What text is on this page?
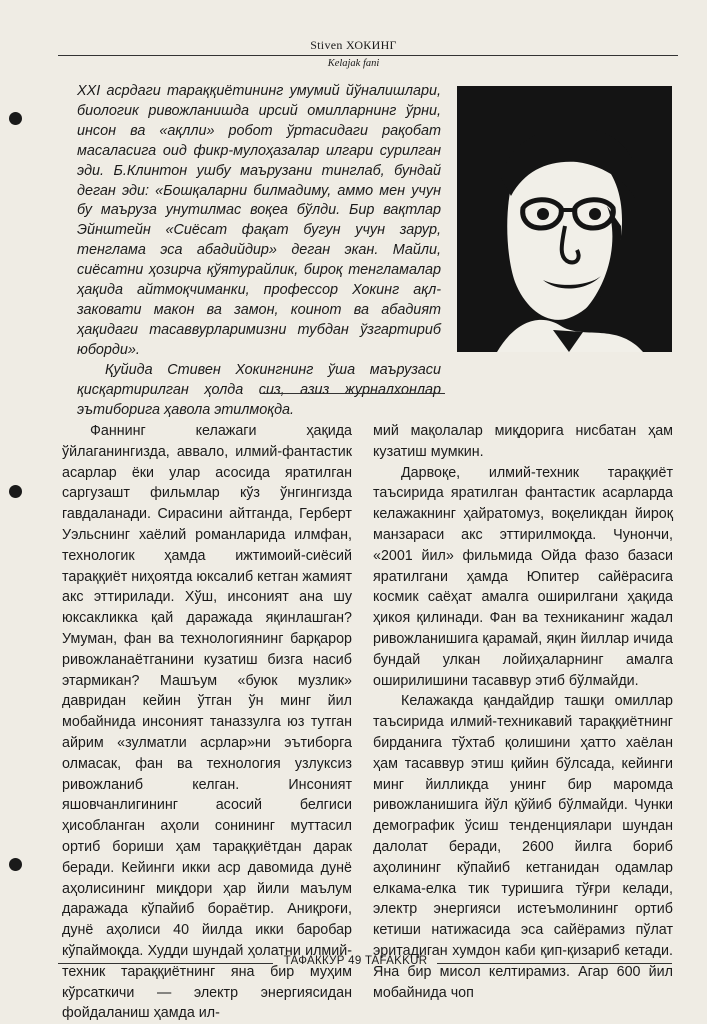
Stiven ХОКИНГ
Kelajak fani

XXI асрдаги тараққиётининг умумий йўналишлари, биологик ривожланишда ирсий омилларнинг ўрни, инсон ва «ақлли» робот ўртасидаги рақобат масаласига оид фикр-мулоҳазалар илгари сурилган эди. Б.Клинтон ушбу маърузани тинглаб, бундай деган эди: «Бошқаларни билмадиму, аммо мен учун бу маъруза унутилмас воқеа бўлди. Бир вақтлар Эйнштейн «Сиёсат фақат бугун учун зарур, тенглама эса абадийдир» деган экан. Майли, сиёсатни ҳозирча қўятурайлик, бироқ тенгламалар ҳақида айтмоқчиманки, профессор Хокинг ақл-заковати макон ва замон, коинот ва абадият ҳақидаги тасаввурларимизни тубдан ўзгартириб юборди».

Қуйида Стивен Хокингнинг ўша маърузаси қисқартирилган ҳолда сиз, азиз журналхонлар эътиборига ҳавола этилмоқда.

Фаннинг келажаги ҳақида ўйлаганингизда, аввало, илмий-фантастик асарлар ёки улар асосида яратилган саргузашт фильмлар кўз ўнгингизда гавдаланади. Сирасини айтганда, Герберт Уэльснинг хаёлий романларида илмфан, технологик ҳамда ижтимоий-сиёсий тараққиёт ниҳоятда юксалиб кетган жамият акс эттирилади. Хўш, инсоният ана шу юксакликка қай даражада яқинлашган? Умуман, фан ва технологиянинг барқарор ривожланаётганини кузатиш бизга насиб этармикан? Машъум «буюк музлик» давридан кейин ўтган ўн минг йил мобайнида инсоният таназзулга юз тутган айрим «зулматли асрлар»ни эътиборга олмасак, фан ва технология узлуксиз ривожланиб келган. Инсоният яшовчанлигининг асосий белгиси ҳисобланган аҳоли сонининг муттасил ортиб бориши ҳам тараққиётдан дарак беради. Кейинги икки аср давомида дунё аҳолисининг миқдори ҳар йили маълум даражада кўпайиб бораётир. Аниқроғи, дунё аҳолиси 40 йилда икки баробар кўпаймоқда. Худди шундай ҳолатни илмий-техник тараққиётнинг яна бир муҳим кўрсаткичи — электр энергиясидан фойдаланиш ҳамда ил-

мий мақолалар миқдорига нисбатан ҳам кузатиш мумкин.

Дарвоқе, илмий-техник тараққиёт таъсирида яратилган фантастик асарларда келажакнинг ҳайратомуз, воқеликдан йироқ манзараси акс эттирилмоқда. Чунончи, «2001 йил» фильмида Ойда фазо базаси яратилгани ҳамда Юпитер сайёрасига космик саёҳат амалга оширилгани ҳақида ҳикоя қилинади. Фан ва техниканинг жадал ривожланишига қарамай, яқин йиллар ичида бундай улкан лойиҳаларнинг амалга оширилишини тасаввур этиб бўлмайди.

Келажакда қандайдир ташқи омиллар таъсирида илмий-техникавий тараққиётнинг бирданига тўхтаб қолишини ҳатто хаёлан ҳам тасаввур этиш қийин бўлсада, кейинги минг йилликда унинг бир маромда ривожланишига йўл қўйиб бўлмайди. Чунки демографик ўсиш тенденциялари шундан далолат беради, 2600 йилга бориб аҳолининг кўпайиб кетганидан одамлар елкама-елка тик туришига тўғри келади, электр энергияси истеъмолининг ортиб кетиши натижасида эса сайёрамиз пўлат эритадиган хумдон каби қип-қизариб кетади. Яна бир мисол келтирамиз. Агар 600 йил мобайнида чоп

ТАФАККУР 49 TAFAKKUR
